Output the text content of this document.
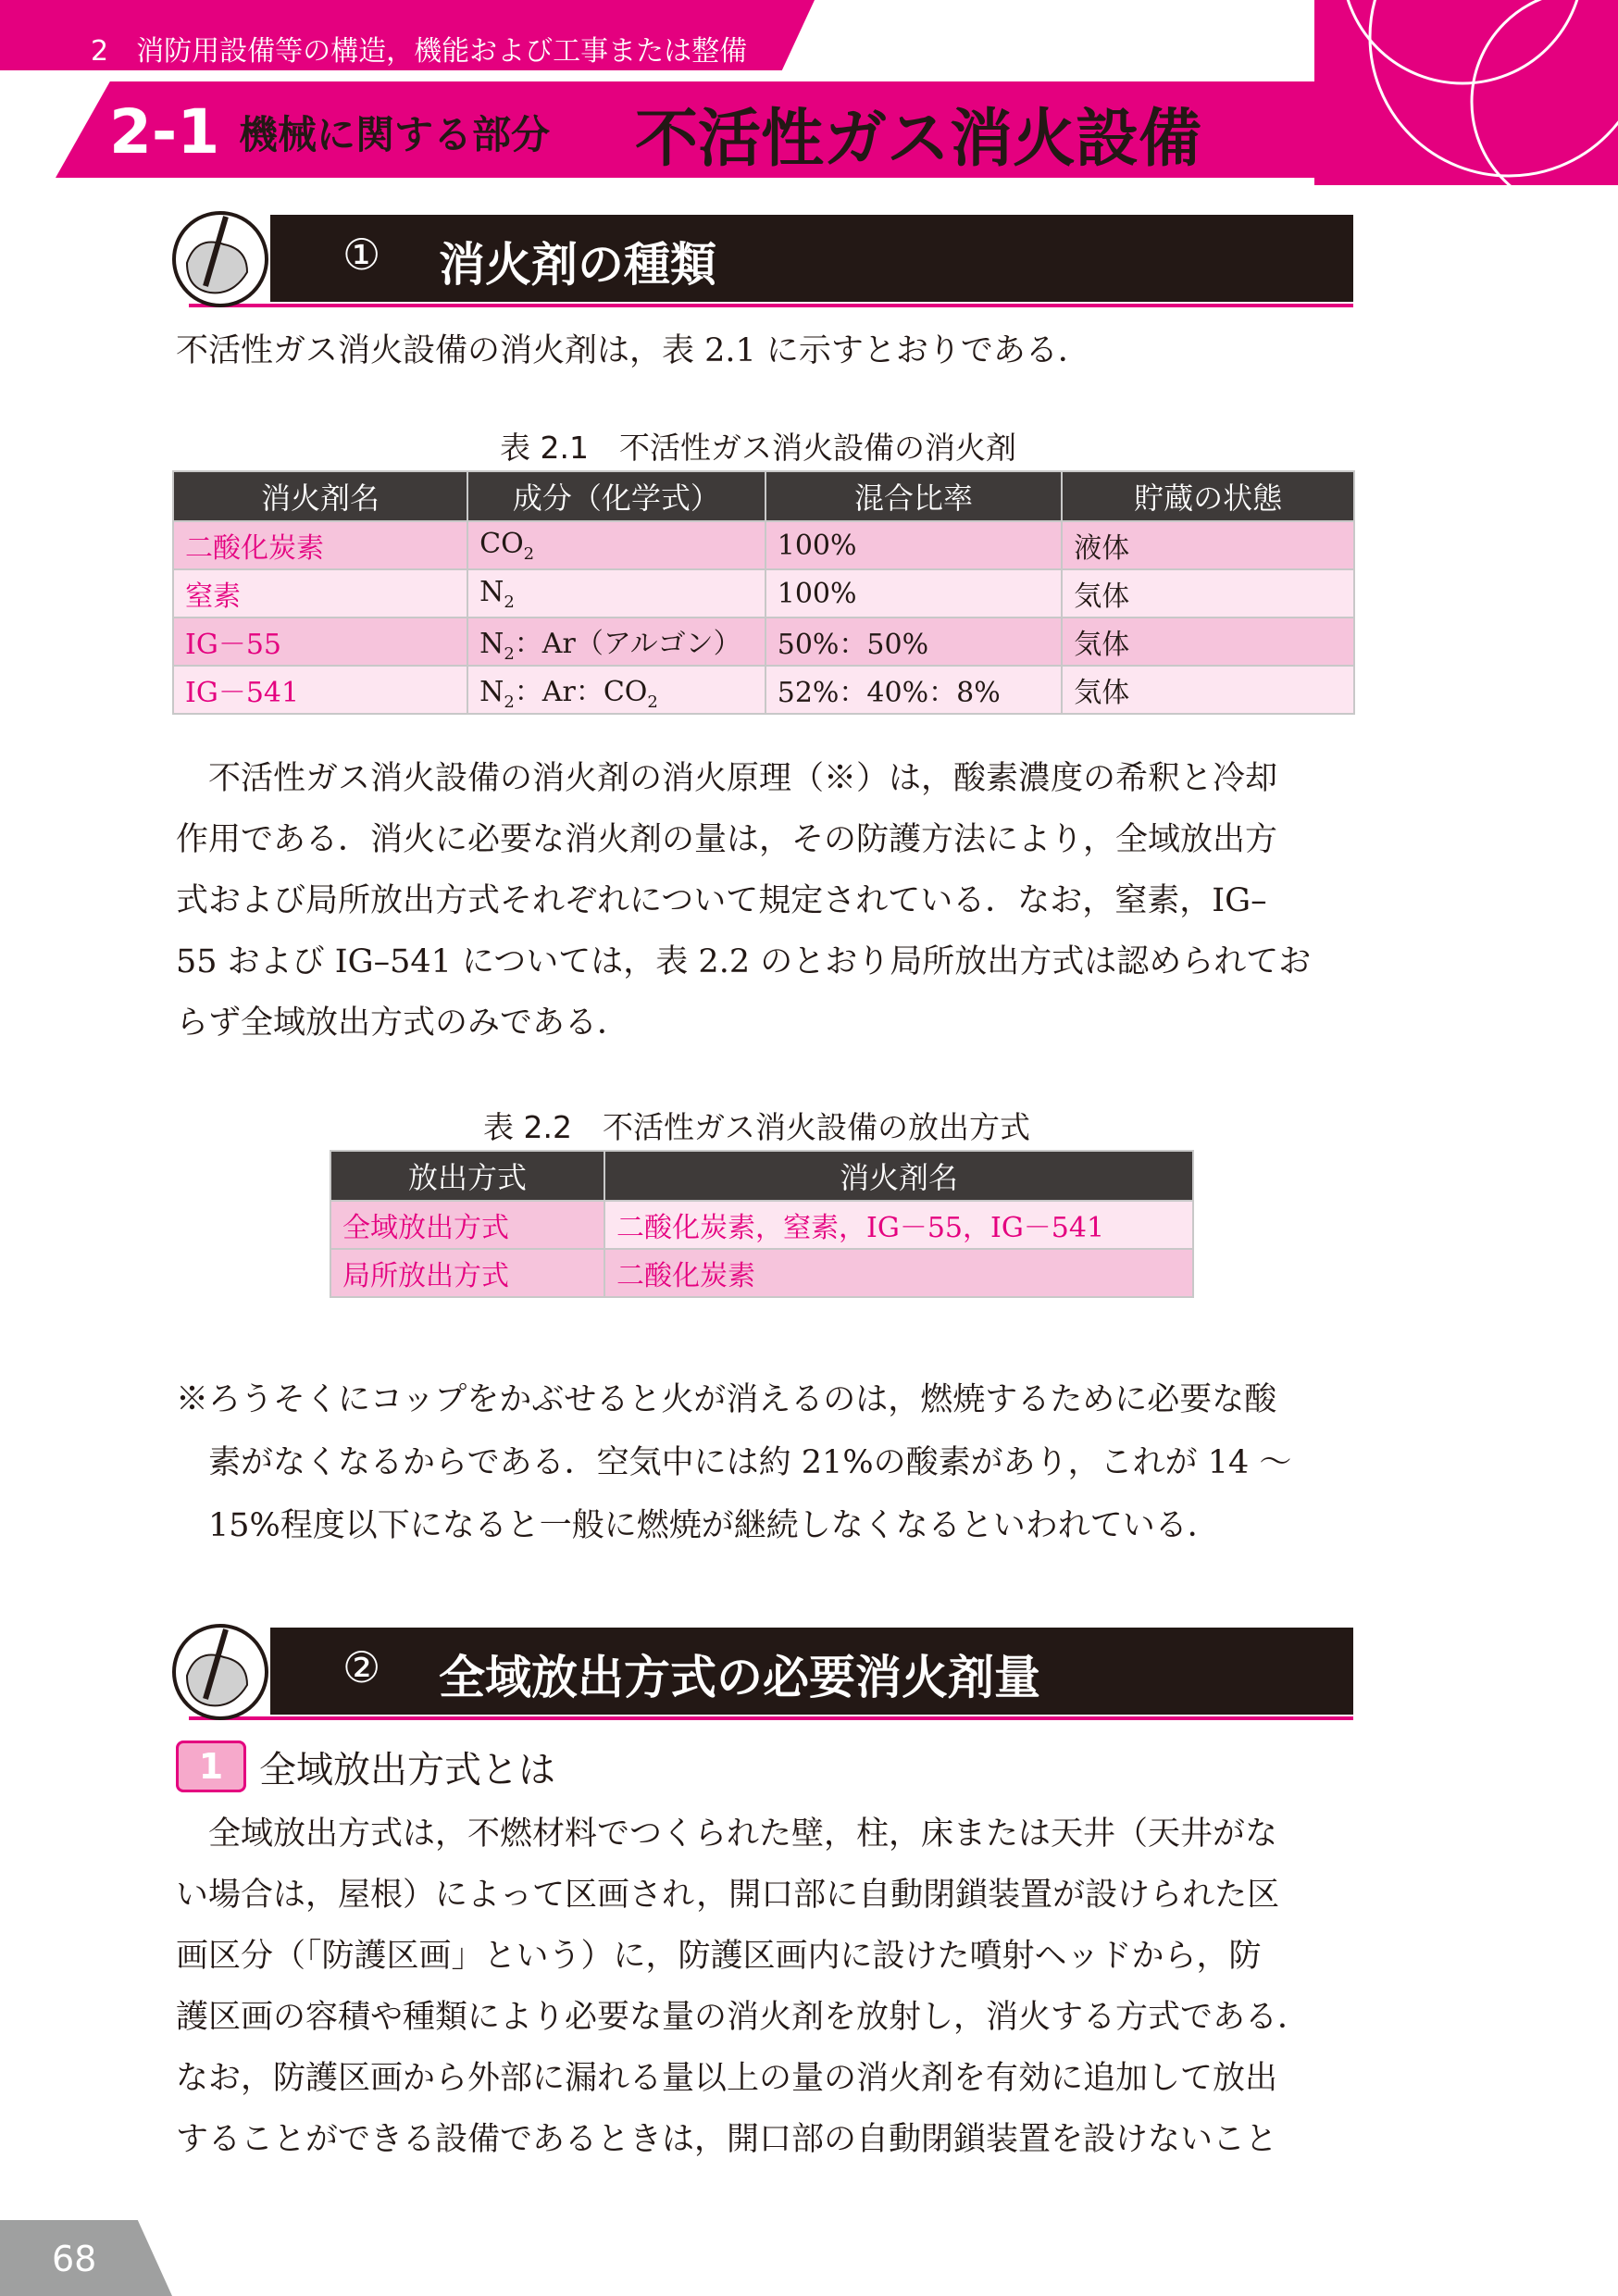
2　消防用設備等の構造，機能および工事または整備
2-1 機械に関する部分 不活性ガス消火設備
① 消火剤の種類
不活性ガス消火設備の消火剤は，表 2.1 に示すとおりである．
表 2.1　不活性ガス消火設備の消火剤
消火剤名	成分（化学式）	混合比率	貯蔵の状態
二酸化炭素	$CO_2$	100%	液体
窒素	$N_2$	100%	気体
IG－55	$N_2$：Ar（アルゴン）	50%：50%	気体
IG－541	$N_2$：Ar：$CO_2$	52%：40%：8%	気体
　不活性ガス消火設備の消火剤の消火原理（※）は，酸素濃度の希釈と冷却
作用である．消火に必要な消火剤の量は，その防護方法により，全域放出方
式および局所放出方式それぞれについて規定されている．なお，窒素，IG–
55 および IG–541 については，表 2.2 のとおり局所放出方式は認められてお
らず全域放出方式のみである．
表 2.2　不活性ガス消火設備の放出方式
放出方式	消火剤名
全域放出方式	二酸化炭素，窒素，IG－55，IG－541
局所放出方式	二酸化炭素
※ろうそくにコップをかぶせると火が消えるのは，燃焼するために必要な酸
　素がなくなるからである．空気中には約 21%の酸素があり，これが 14 ～
　15%程度以下になると一般に燃焼が継続しなくなるといわれている．
② 全域放出方式の必要消火剤量
1 全域放出方式とは
　全域放出方式は，不燃材料でつくられた壁，柱，床または天井（天井がな
い場合は，屋根）によって区画され，開口部に自動閉鎖装置が設けられた区
画区分（「防護区画」という）に，防護区画内に設けた噴射ヘッドから，防
護区画の容積や種類により必要な量の消火剤を放射し，消火する方式である．
なお，防護区画から外部に漏れる量以上の量の消火剤を有効に追加して放出
することができる設備であるときは，開口部の自動閉鎖装置を設けないこと
68
